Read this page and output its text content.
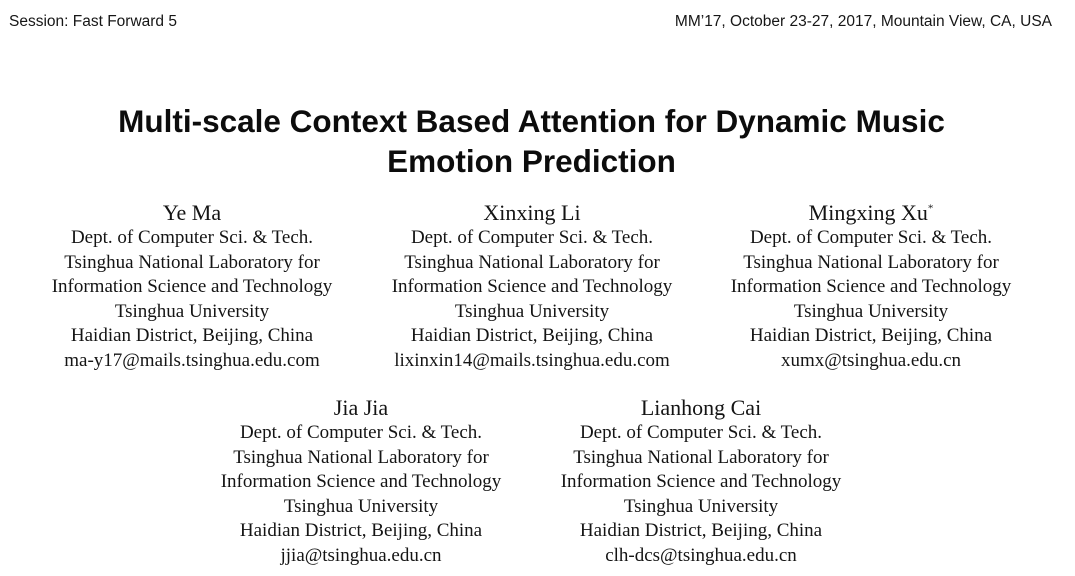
Session: Fast Forward 5	MM’17, October 23-27, 2017, Mountain View, CA, USA
Multi-scale Context Based Attention for Dynamic Music
Emotion Prediction
Ye Ma
Dept. of Computer Sci. & Tech.
Tsinghua National Laboratory for
Information Science and Technology
Tsinghua University
Haidian District, Beijing, China
ma-y17@mails.tsinghua.edu.com
Xinxing Li
Dept. of Computer Sci. & Tech.
Tsinghua National Laboratory for
Information Science and Technology
Tsinghua University
Haidian District, Beijing, China
lixinxin14@mails.tsinghua.edu.com
Mingxing Xu*
Dept. of Computer Sci. & Tech.
Tsinghua National Laboratory for
Information Science and Technology
Tsinghua University
Haidian District, Beijing, China
xumx@tsinghua.edu.cn
Jia Jia
Dept. of Computer Sci. & Tech.
Tsinghua National Laboratory for
Information Science and Technology
Tsinghua University
Haidian District, Beijing, China
jjia@tsinghua.edu.cn
Lianhong Cai
Dept. of Computer Sci. & Tech.
Tsinghua National Laboratory for
Information Science and Technology
Tsinghua University
Haidian District, Beijing, China
clh-dcs@tsinghua.edu.cn
